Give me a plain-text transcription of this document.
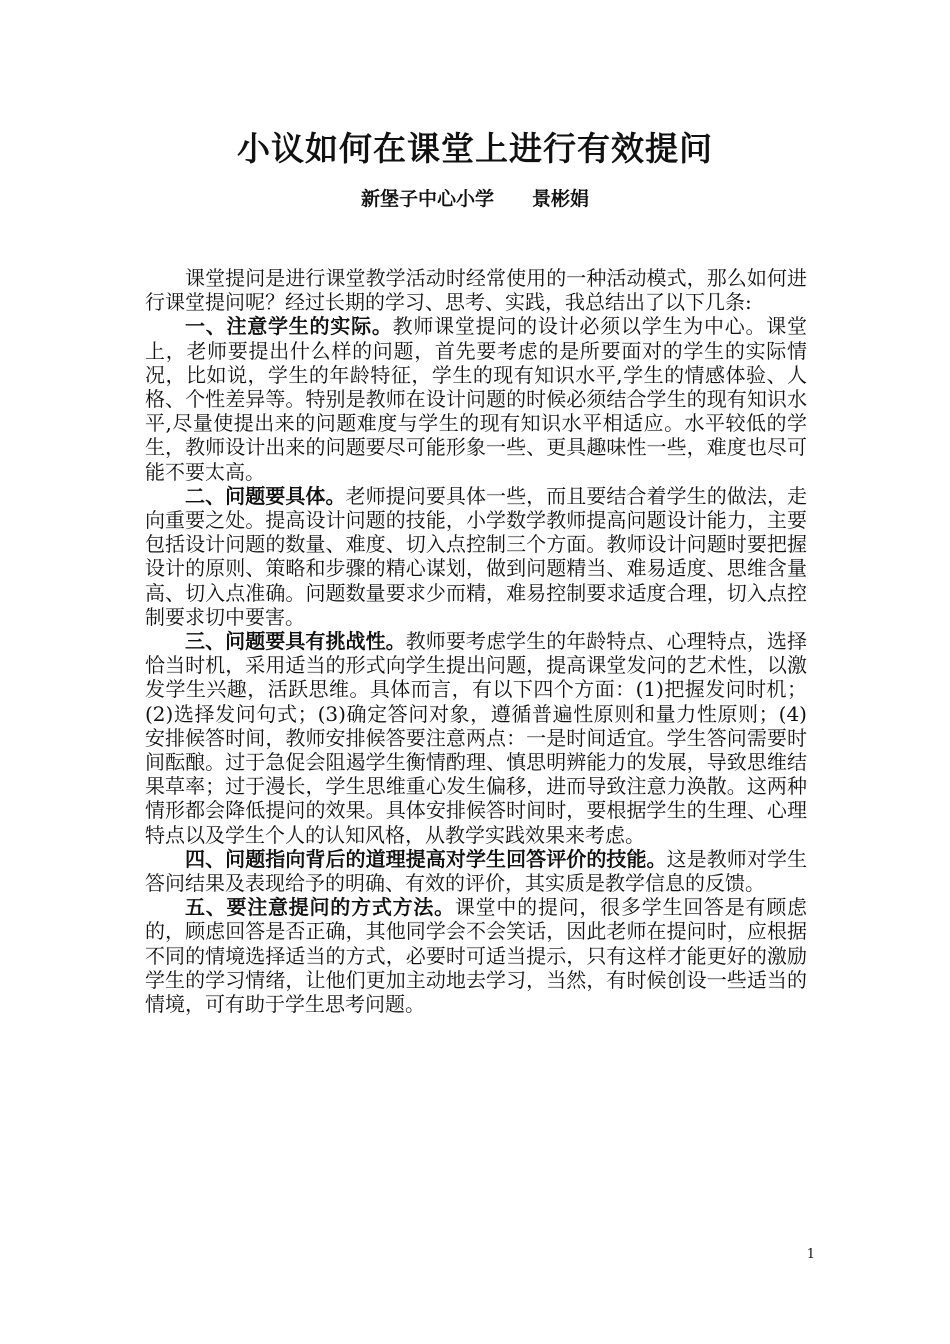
小议如何在课堂上进行有效提问
新堡子中心小学 景彬娟

课堂提问是进行课堂教学活动时经常使用的一种活动模式，那么如何进行课堂提问呢？经过长期的学习、思考、实践，我总结出了以下几条:

一、注意学生的实际。教师课堂提问的设计必须以学生为中心。课堂上，老师要提出什么样的问题，首先要考虑的是所要面对的学生的实际情况，比如说，学生的年龄特征，学生的现有知识水平,学生的情感体验、人格、个性差异等。特别是教师在设计问题的时候必须结合学生的现有知识水平,尽量使提出来的问题难度与学生的现有知识水平相适应。水平较低的学生，教师设计出来的问题要尽可能形象一些、更具趣味性一些，难度也尽可能不要太高。

二、问题要具体。老师提问要具体一些，而且要结合着学生的做法，走向重要之处。提高设计问题的技能，小学数学教师提高问题设计能力，主要包括设计问题的数量、难度、切入点控制三个方面。教师设计问题时要把握设计的原则、策略和步骤的精心谋划，做到问题精当、难易适度、思维含量高、切入点准确。问题数量要求少而精，难易控制要求适度合理，切入点控制要求切中要害。

三、问题要具有挑战性。教师要考虑学生的年龄特点、心理特点，选择恰当时机，采用适当的形式向学生提出问题，提高课堂发问的艺术性，以激发学生兴趣，活跃思维。具体而言，有以下四个方面：(1)把握发问时机；(2)选择发问句式；(3)确定答问对象，遵循普遍性原则和量力性原则；(4)安排候答时间，教师安排候答要注意两点：一是时间适宜。学生答问需要时间酝酿。过于急促会阻遏学生衡情酌理、慎思明辨能力的发展，导致思维结果草率；过于漫长，学生思维重心发生偏移，进而导致注意力涣散。这两种情形都会降低提问的效果。具体安排候答时间时，要根据学生的生理、心理特点以及学生个人的认知风格，从教学实践效果来考虑。

四、问题指向背后的道理提高对学生回答评价的技能。这是教师对学生答问结果及表现给予的明确、有效的评价，其实质是教学信息的反馈。

五、要注意提问的方式方法。课堂中的提问，很多学生回答是有顾虑的，顾虑回答是否正确，其他同学会不会笑话，因此老师在提问时，应根据不同的情境选择适当的方式，必要时可适当提示，只有这样才能更好的激励学生的学习情绪，让他们更加主动地去学习，当然，有时候创设一些适当的情境，可有助于学生思考问题。

1
